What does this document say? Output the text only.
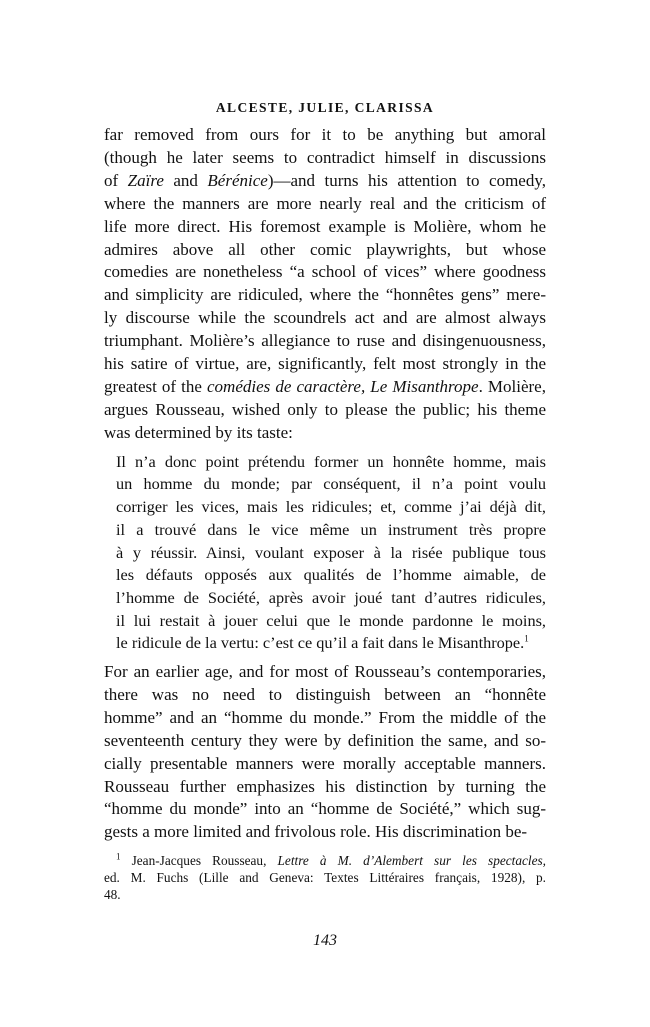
ALCESTE, JULIE, CLARISSA
far removed from ours for it to be anything but amoral
(though he later seems to contradict himself in discussions
of Zaïre and Bérénice)—and turns his attention to comedy,
where the manners are more nearly real and the criticism of
life more direct. His foremost example is Molière, whom he
admires above all other comic playwrights, but whose
comedies are nonetheless “a school of vices” where goodness
and simplicity are ridiculed, where the “honnêtes gens” mere-
ly discourse while the scoundrels act and are almost always
triumphant. Molière’s allegiance to ruse and disingenuousness,
his satire of virtue, are, significantly, felt most strongly in the
greatest of the comédies de caractère, Le Misanthrope. Molière,
argues Rousseau, wished only to please the public; his theme
was determined by its taste:
Il n’a donc point prétendu former un honnête homme, mais
un homme du monde; par conséquent, il n’a point voulu
corriger les vices, mais les ridicules; et, comme j’ai déjà dit,
il a trouvé dans le vice même un instrument très propre
à y réussir. Ainsi, voulant exposer à la risée publique tous
les défauts opposés aux qualités de l’homme aimable, de
l’homme de Société, après avoir joué tant d’autres ridicules,
il lui restait à jouer celui que le monde pardonne le moins,
le ridicule de la vertu: c’est ce qu’il a fait dans le Misanthrope.$^1$
For an earlier age, and for most of Rousseau’s contemporaries,
there was no need to distinguish between an “honnête
homme” and an “homme du monde.” From the middle of the
seventeenth century they were by definition the same, and so-
cially presentable manners were morally acceptable manners.
Rousseau further emphasizes his distinction by turning the
“homme du monde” into an “homme de Société,” which sug-
gests a more limited and frivolous role. His discrimination be-
$^1$ Jean-Jacques Rousseau, Lettre à M. d’Alembert sur les spectacles,
ed. M. Fuchs (Lille and Geneva: Textes Littéraires français, 1928), p.
48.
143
